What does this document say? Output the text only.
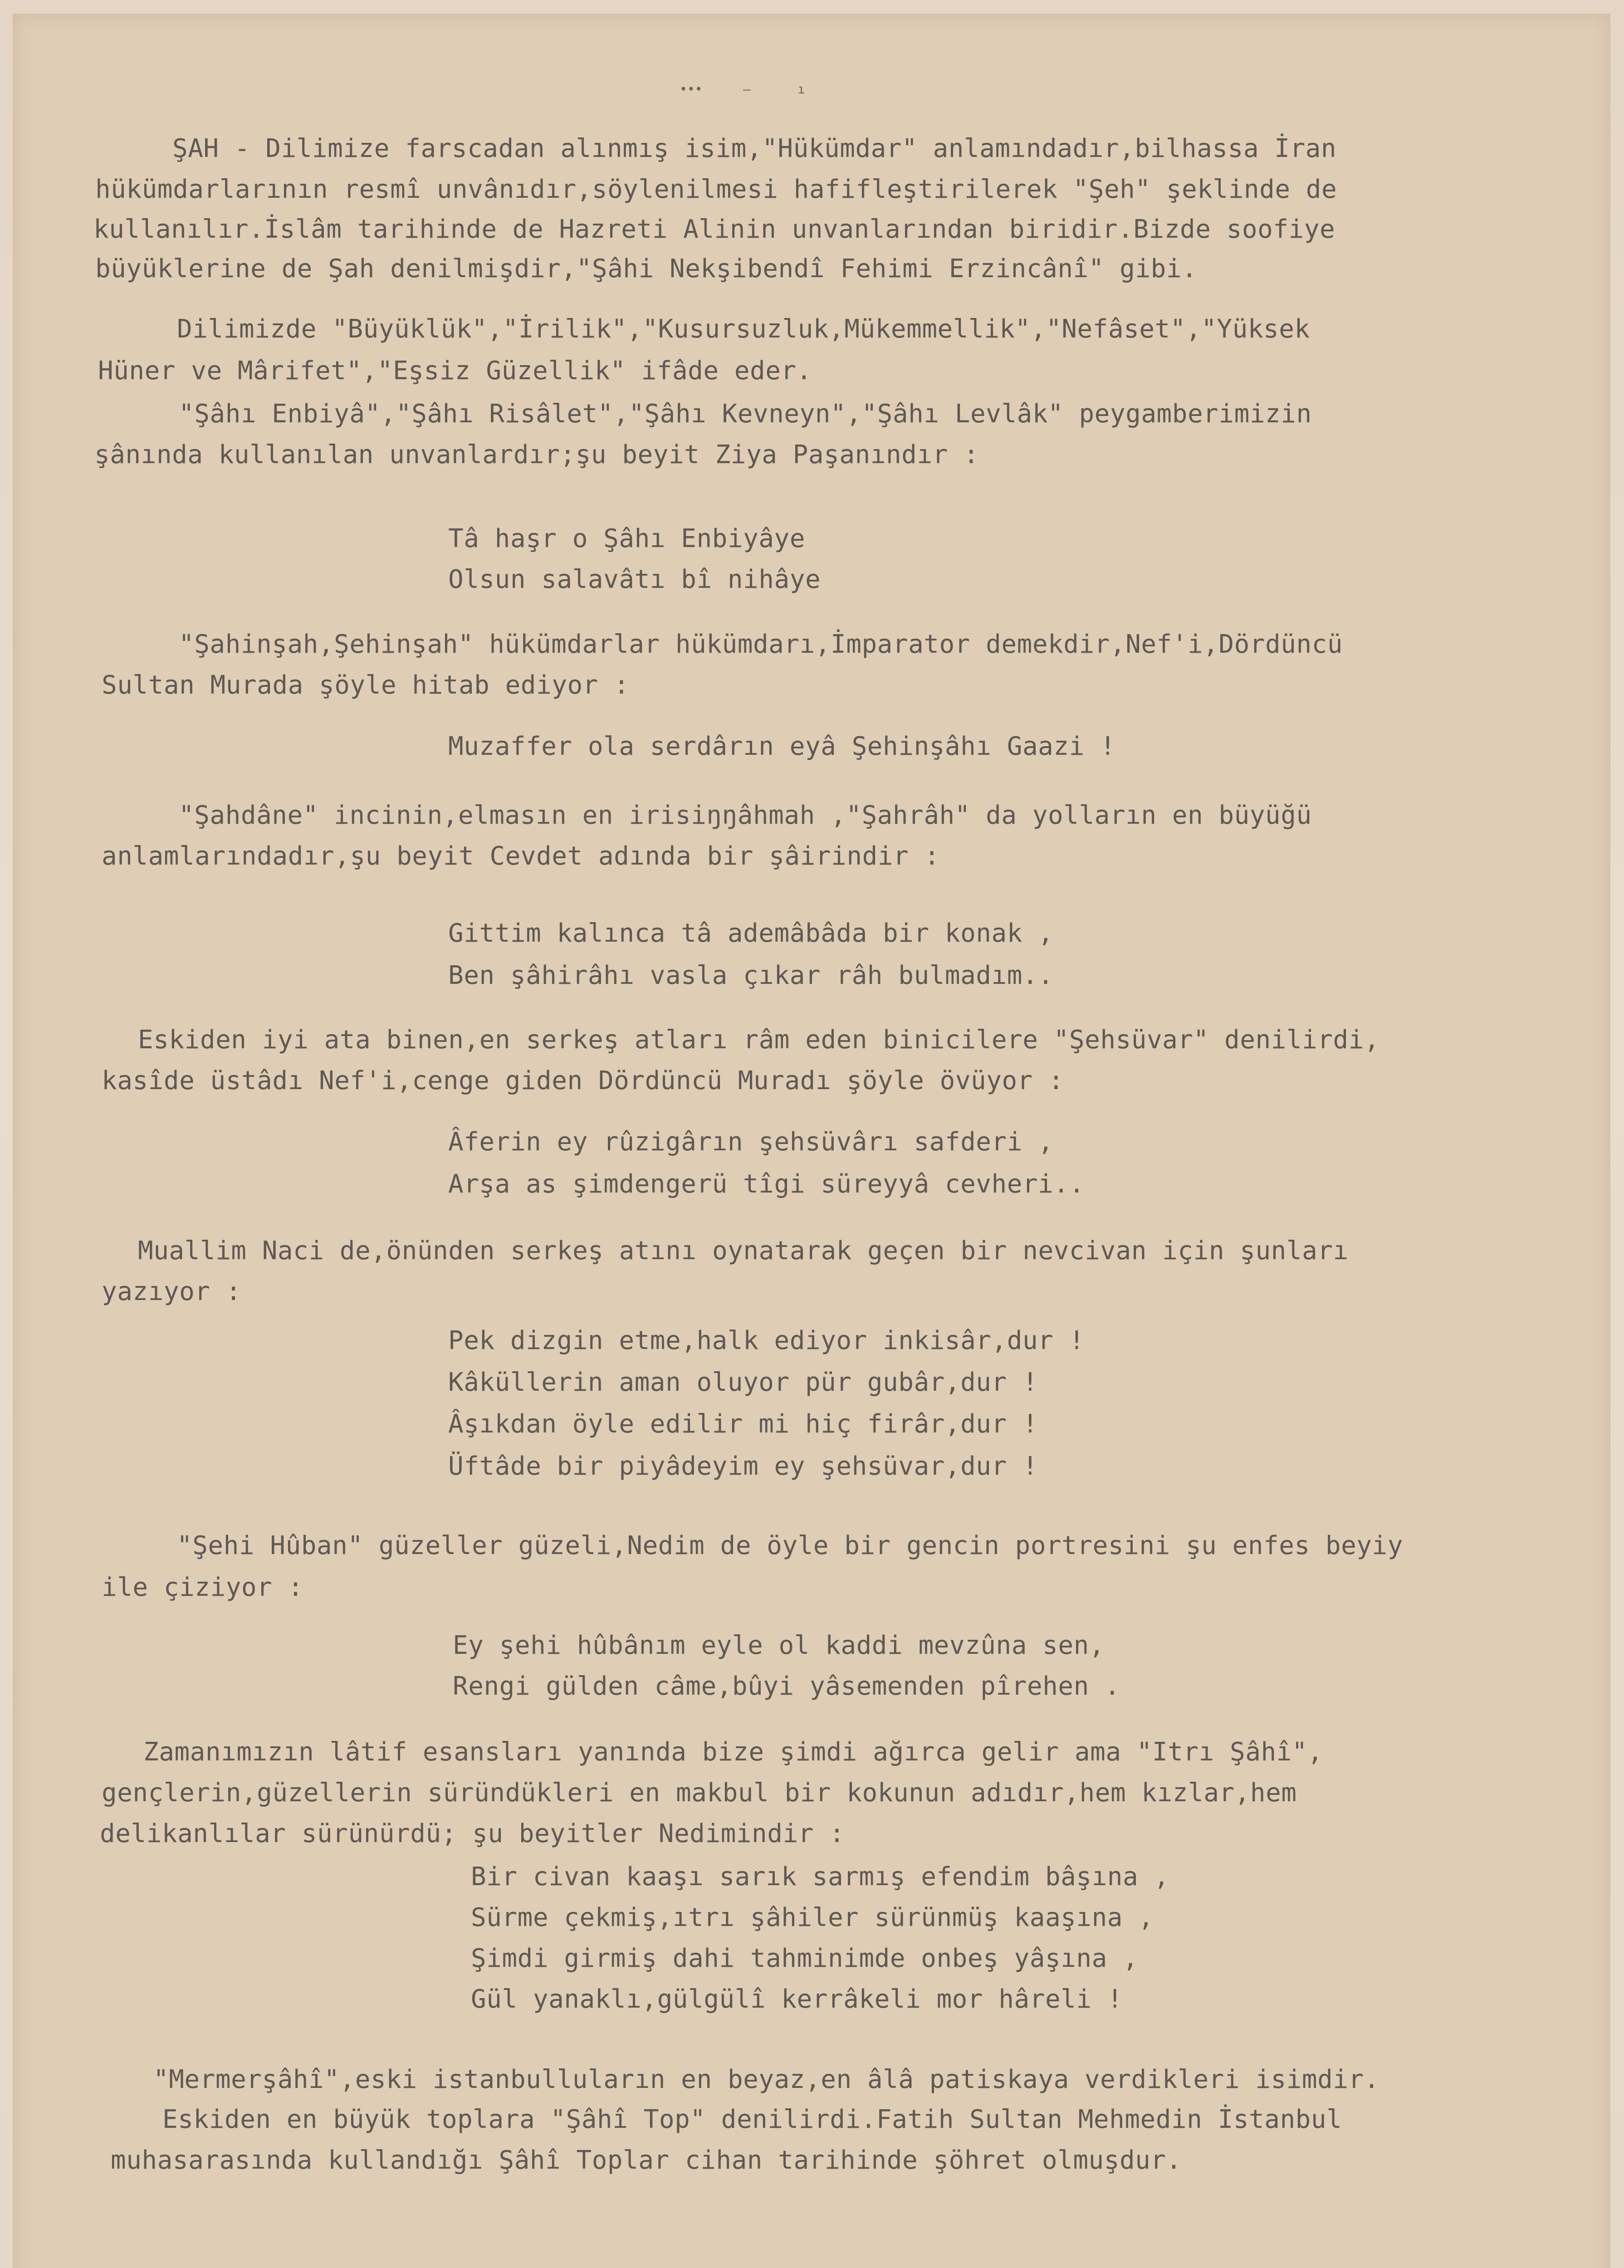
•••	—	ı
ŞAH - Dilimize farscadan alınmış isim,"Hükümdar" anlamındadır,bilhassa İran
hükümdarlarının resmî unvânıdır,söylenilmesi hafifleştirilerek "Şeh" şeklinde de
kullanılır.İslâm tarihinde de Hazreti Alinin unvanlarından biridir.Bizde soofiye
büyüklerine de Şah denilmişdir,"Şâhi Nekşibendî Fehimi Erzincânî" gibi.
Dilimizde "Büyüklük","İrilik","Kusursuzluk,Mükemmellik","Nefâset","Yüksek
Hüner ve Mârifet","Eşsiz Güzellik" ifâde eder.
"Şâhı Enbiyâ","Şâhı Risâlet","Şâhı Kevneyn","Şâhı Levlâk" peygamberimizin
şânında kullanılan unvanlardır;şu beyit Ziya Paşanındır :
Tâ haşr o Şâhı Enbiyâye
Olsun salavâtı bî nihâye
"Şahinşah,Şehinşah" hükümdarlar hükümdarı,İmparator demekdir,Nef'i,Dördüncü
Sultan Murada şöyle hitab ediyor :
Muzaffer ola serdârın eyâ Şehinşâhı Gaazi !
"Şahdâne" incinin,elmasın en irisiŋŋâhmah ,"Şahrâh" da yolların en büyüğü
anlamlarındadır,şu beyit Cevdet adında bir şâirindir :
Gittim kalınca tâ ademâbâda bir konak ,
Ben şâhirâhı vasla çıkar râh bulmadım..
Eskiden iyi ata binen,en serkeş atları râm eden binicilere "Şehsüvar" denilirdi,
kasîde üstâdı Nef'i,cenge giden Dördüncü Muradı şöyle övüyor :
Âferin ey rûzigârın şehsüvârı safderi ,
Arşa as şimdengerü tîgi süreyyâ cevheri..
Muallim Naci de,önünden serkeş atını oynatarak geçen bir nevcivan için şunları
yazıyor :
Pek dizgin etme,halk ediyor inkisâr,dur !
Kâküllerin aman oluyor pür gubâr,dur !
Âşıkdan öyle edilir mi hiç firâr,dur !
Üftâde bir piyâdeyim ey şehsüvar,dur !
"Şehi Hûban" güzeller güzeli,Nedim de öyle bir gencin portresini şu enfes beyiy
ile çiziyor :
Ey şehi hûbânım eyle ol kaddi mevzûna sen,
Rengi gülden câme,bûyi yâsemenden pîrehen .
Zamanımızın lâtif esansları yanında bize şimdi ağırca gelir ama "Itrı Şâhî",
gençlerin,güzellerin süründükleri en makbul bir kokunun adıdır,hem kızlar,hem
delikanlılar sürünürdü; şu beyitler Nedimindir :
Bir civan kaaşı sarık sarmış efendim bâşına ,
Sürme çekmiş,ıtrı şâhiler sürünmüş kaaşına ,
Şimdi girmiş dahi tahminimde onbeş yâşına ,
Gül yanaklı,gülgülî kerrâkeli mor hâreli !
"Mermerşâhî",eski istanbulluların en beyaz,en âlâ patiskaya verdikleri isimdir.
Eskiden en büyük toplara "Şâhî Top" denilirdi.Fatih Sultan Mehmedin İstanbul
muhasarasında kullandığı Şâhî Toplar cihan tarihinde şöhret olmuşdur.
